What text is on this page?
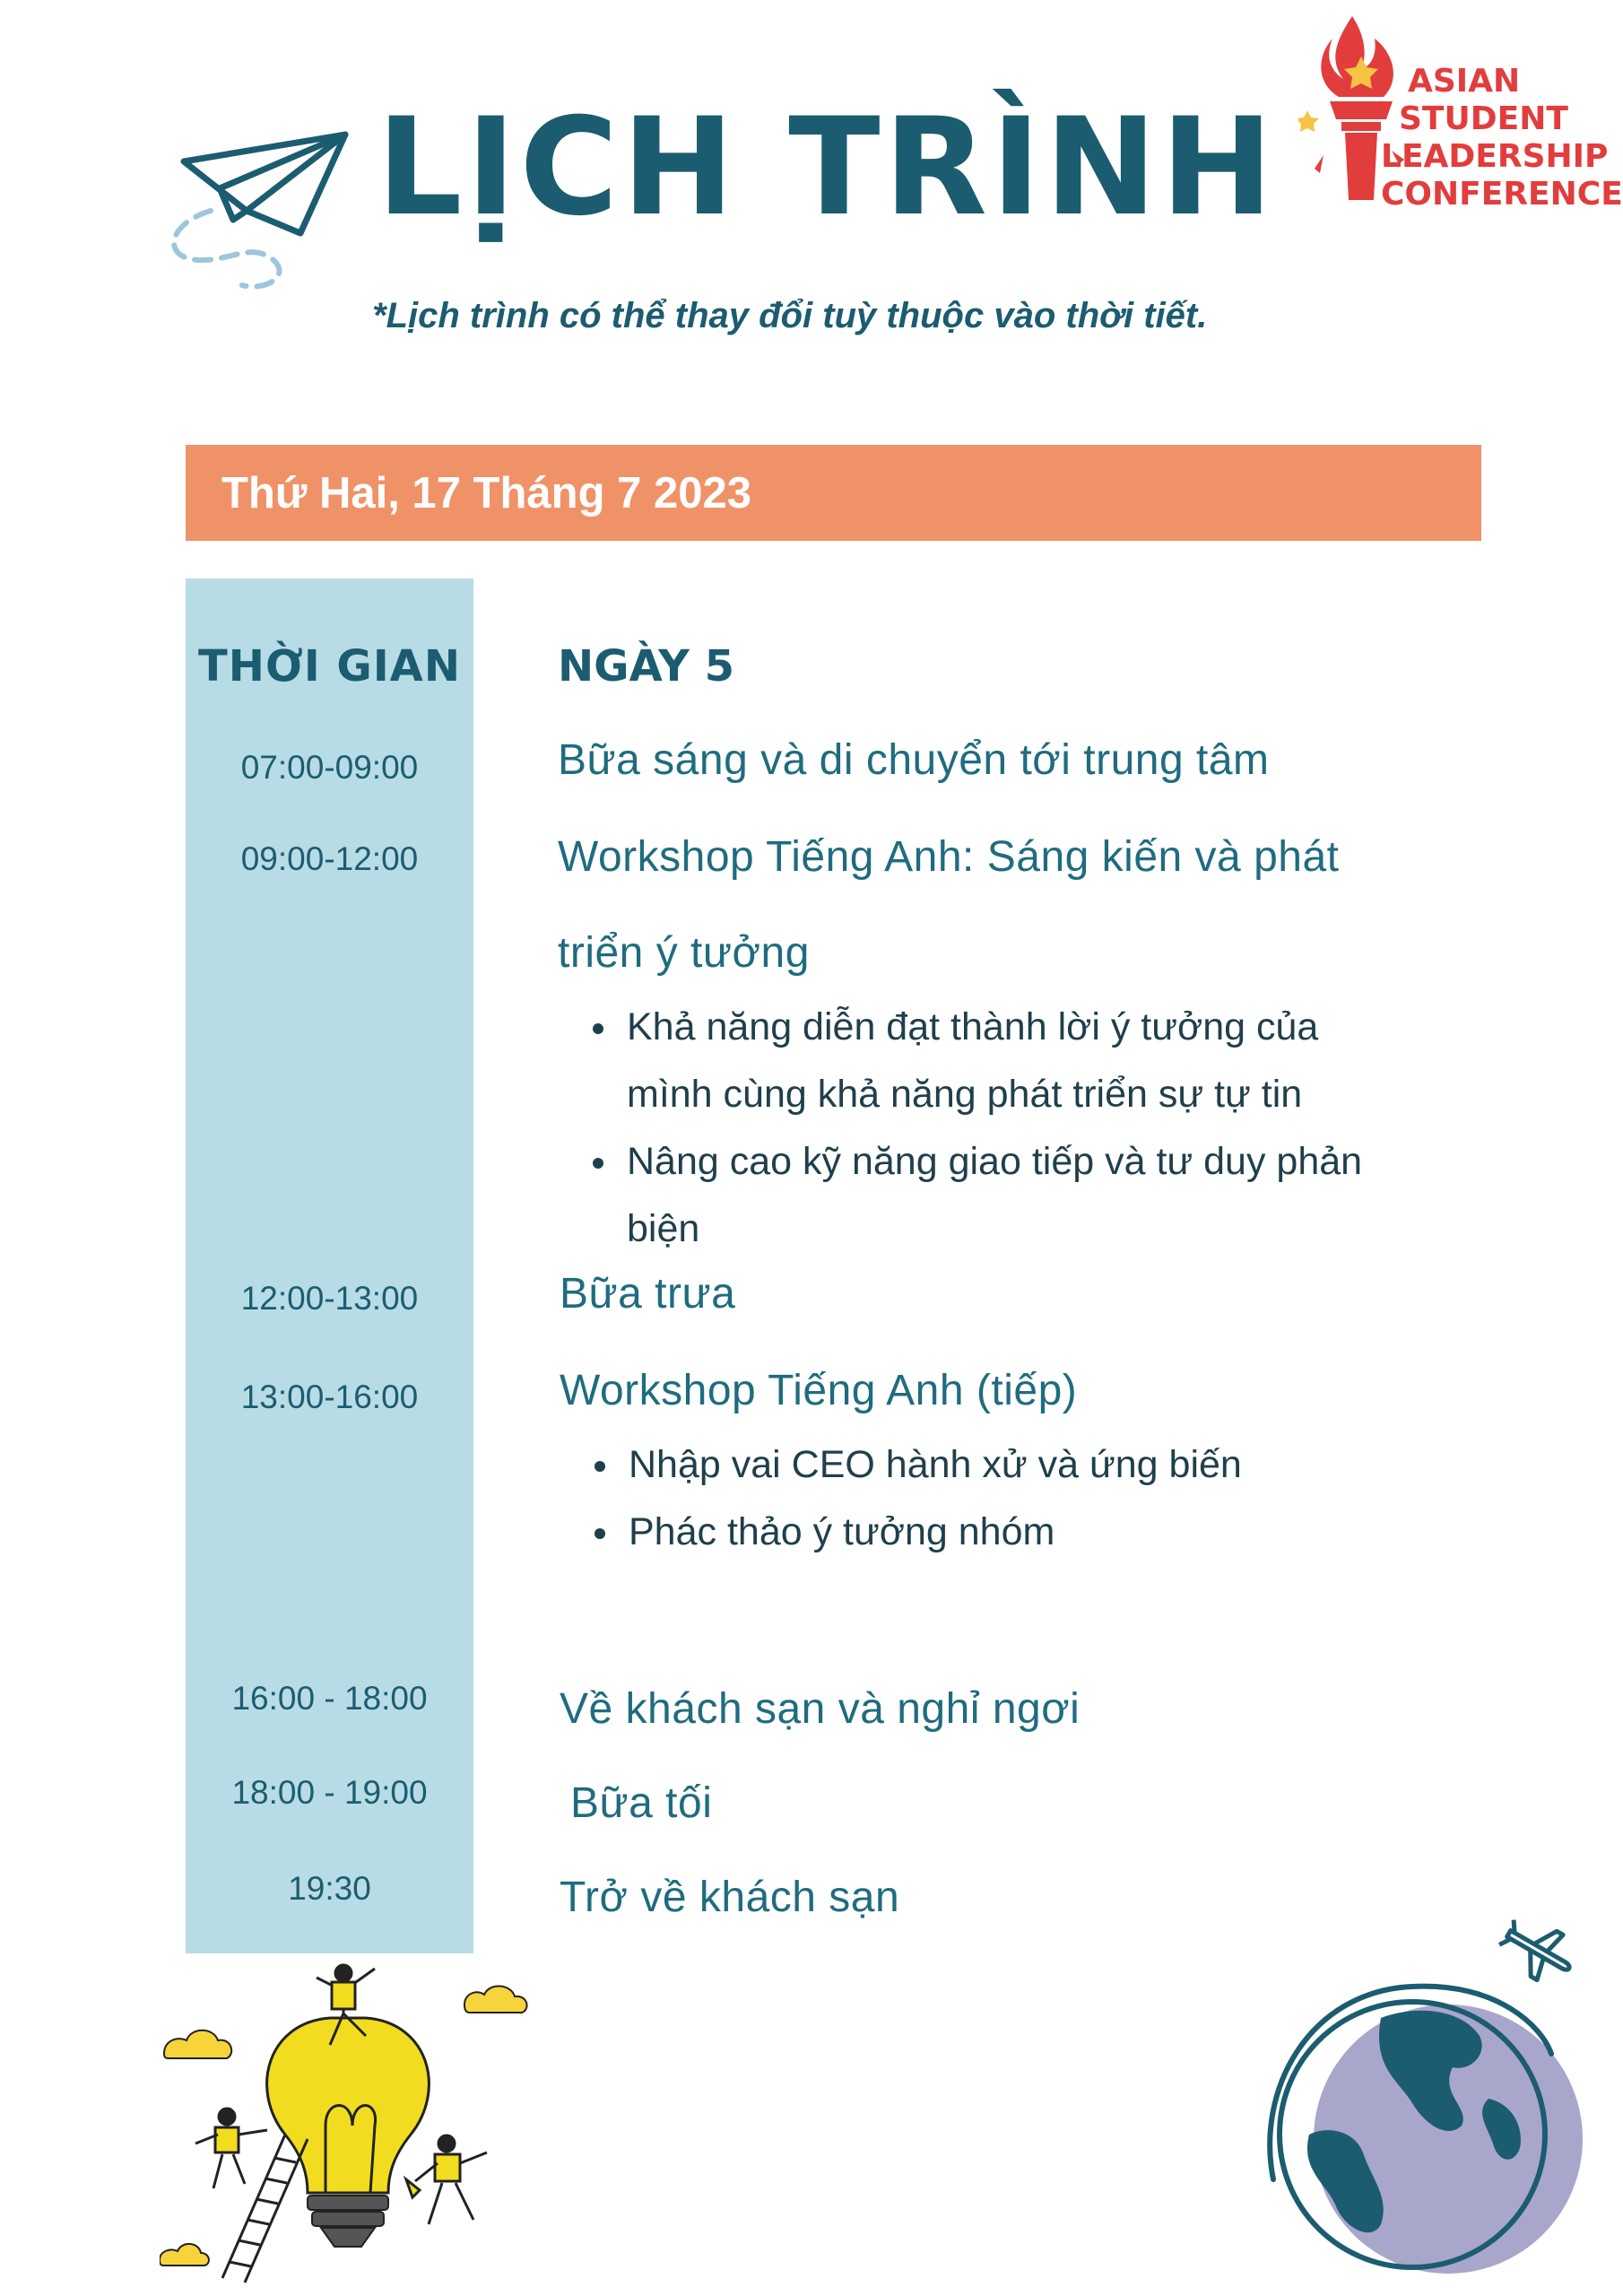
LỊCH TRÌNH
*Lịch trình có thể thay đổi tuỳ thuộc vào thời tiết.
ASIAN
STUDENT
LEADERSHIP
CONFERENCE
Thứ Hai, 17 Tháng 7 2023
THỜI GIAN
07:00-09:00
09:00-12:00
12:00-13:00
13:00-16:00
16:00 - 18:00
18:00 - 19:00
19:30
NGÀY 5
Bữa sáng và di chuyển tới trung tâm
Workshop Tiếng Anh: Sáng kiến và phát
triển ý tưởng
Khả năng diễn đạt thành lời ý tưởng của
mình cùng khả năng phát triển sự tự tin
Nâng cao kỹ năng giao tiếp và tư duy phản
biện
Bữa trưa
Workshop Tiếng Anh (tiếp)
Nhập vai CEO hành xử và ứng biến
Phác thảo ý tưởng nhóm
Về khách sạn và nghỉ ngơi
Bữa tối
Trở về khách sạn
